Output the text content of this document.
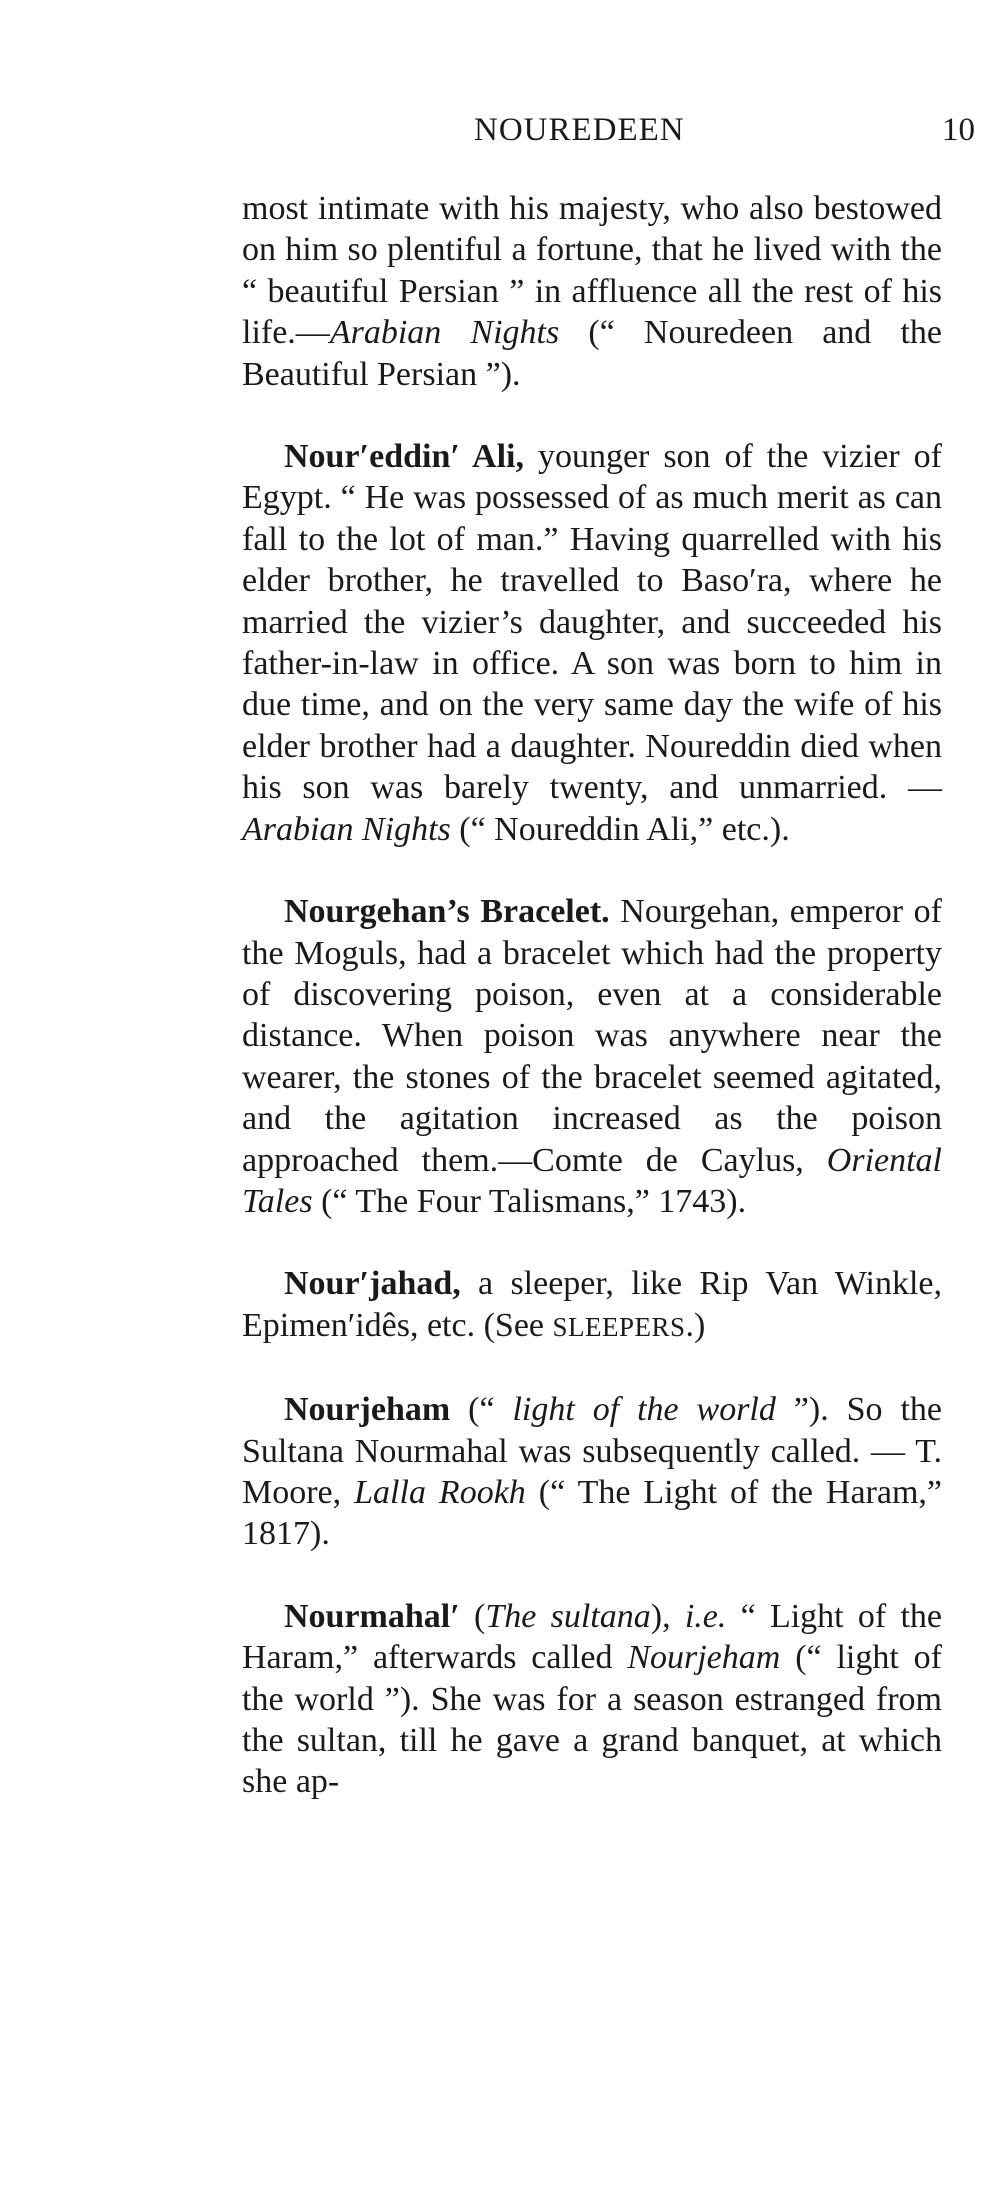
NOUREDEEN	10

most intimate with his majesty, who also bestowed on him so plentiful a fortune, that he lived with the “ beautiful Persian ” in affluence all the rest of his life.—Arabian Nights (“ Nouredeen and the Beautiful Persian ”).

Nour′eddin′ Ali, younger son of the vizier of Egypt. “ He was possessed of as much merit as can fall to the lot of man.” Having quarrelled with his elder brother, he travelled to Baso′ra, where he married the vizier’s daughter, and succeeded his father-in-law in office. A son was born to him in due time, and on the very same day the wife of his elder brother had a daughter. Noureddin died when his son was barely twenty, and unmarried. — Arabian Nights (“ Noureddin Ali,” etc.).

Nourgehan’s Bracelet. Nourgehan, emperor of the Moguls, had a bracelet which had the property of discovering poison, even at a considerable distance. When poison was anywhere near the wearer, the stones of the bracelet seemed agitated, and the agitation increased as the poison approached them.—Comte de Caylus, Oriental Tales (“ The Four Talismans,” 1743).

Nour′jahad, a sleeper, like Rip Van Winkle, Epimen′idês, etc. (See SLEEPERS.)

Nourjeham (“ light of the world ”). So the Sultana Nourmahal was subsequently called. — T. Moore, Lalla Rookh (“ The Light of the Haram,” 1817).

Nourmahal′ (The sultana), i.e. “ Light of the Haram,” afterwards called Nourjeham (“ light of the world ”). She was for a season estranged from the sultan, till he gave a grand banquet, at which she ap-
